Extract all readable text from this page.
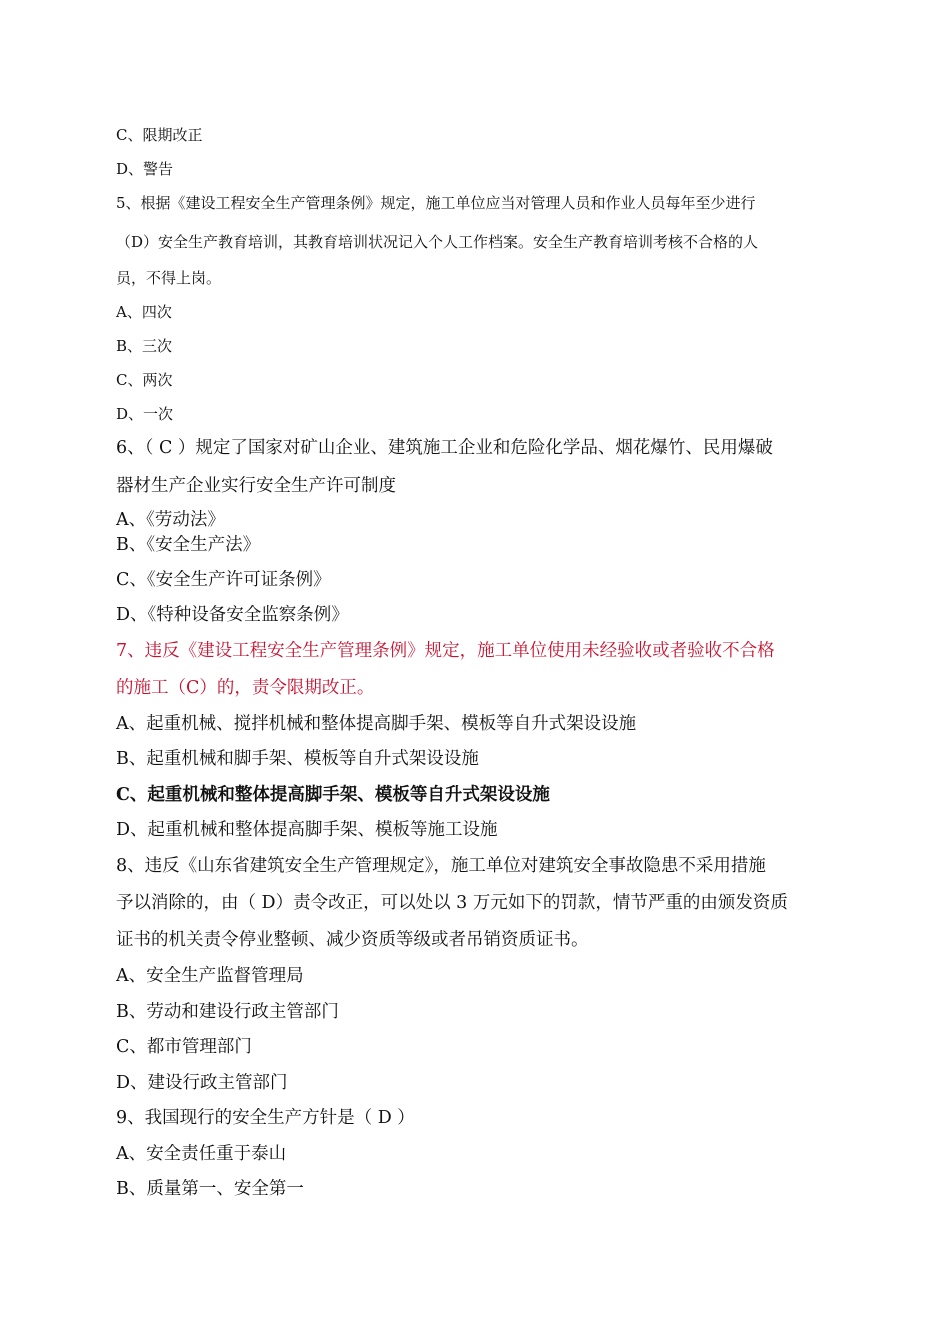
C、限期改正
D、警告
5、根据《建设工程安全生产管理条例》规定，施工单位应当对管理人员和作业人员每年至少进行
（D）安全生产教育培训，其教育培训状况记入个人工作档案。安全生产教育培训考核不合格的人
员，不得上岗。
A、四次
B、三次
C、两次
D、一次
6、（ C ）规定了国家对矿山企业、建筑施工企业和危险化学品、烟花爆竹、民用爆破
器材生产企业实行安全生产许可制度
A、《劳动法》
B、《安全生产法》
C、《安全生产许可证条例》
D、《特种设备安全监察条例》
7、违反《建设工程安全生产管理条例》规定，施工单位使用未经验收或者验收不合格
的施工（C）的，责令限期改正。
A、起重机械、搅拌机械和整体提高脚手架、模板等自升式架设设施
B、起重机械和脚手架、模板等自升式架设设施
C、起重机械和整体提高脚手架、模板等自升式架设设施
D、起重机械和整体提高脚手架、模板等施工设施
8、违反《山东省建筑安全生产管理规定》，施工单位对建筑安全事故隐患不采用措施
予以消除的，由（ D）责令改正，可以处以 3 万元如下的罚款，情节严重的由颁发资质
证书的机关责令停业整顿、减少资质等级或者吊销资质证书。
A、安全生产监督管理局
B、劳动和建设行政主管部门
C、都市管理部门
D、建设行政主管部门
9、我国现行的安全生产方针是（ D ）
A、安全责任重于泰山
B、质量第一、安全第一
